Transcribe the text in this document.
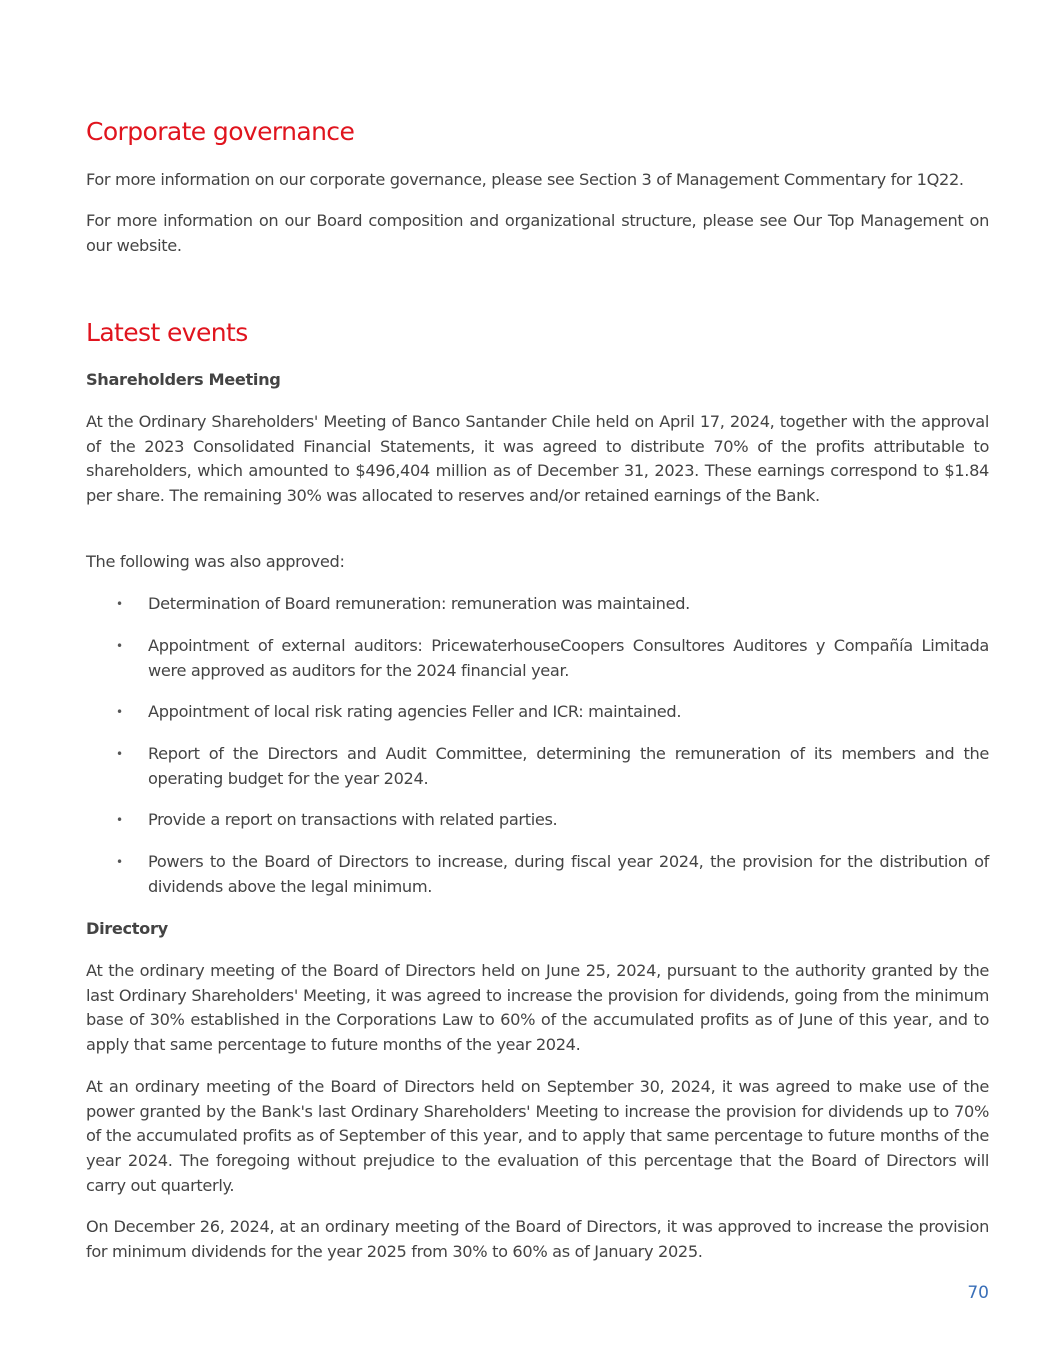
Corporate governance

For more information on our corporate governance, please see Section 3 of Management Commentary for 1Q22.

For more information on our Board composition and organizational structure, please see Our Top Management on our website.

Latest events
Shareholders Meeting

At the Ordinary Shareholders' Meeting of Banco Santander Chile held on April 17, 2024, together with the approval of the 2023 Consolidated Financial Statements, it was agreed to distribute 70% of the profits attributable to shareholders, which amounted to $496,404 million as of December 31, 2023. These earnings correspond to $1.84 per share. The remaining 30% was allocated to reserves and/or retained earnings of the Bank.

The following was also approved:

• Determination of Board remuneration: remuneration was maintained.
• Appointment of external auditors: PricewaterhouseCoopers Consultores Auditores y Compañía Limitada were approved as auditors for the 2024 financial year.
• Appointment of local risk rating agencies Feller and ICR: maintained.
• Report of the Directors and Audit Committee, determining the remuneration of its members and the operating budget for the year 2024.
• Provide a report on transactions with related parties.
• Powers to the Board of Directors to increase, during fiscal year 2024, the provision for the distribution of dividends above the legal minimum.
Directory

At the ordinary meeting of the Board of Directors held on June 25, 2024, pursuant to the authority granted by the last Ordinary Shareholders' Meeting, it was agreed to increase the provision for dividends, going from the minimum base of 30% established in the Corporations Law to 60% of the accumulated profits as of June of this year, and to apply that same percentage to future months of the year 2024.

At an ordinary meeting of the Board of Directors held on September 30, 2024, it was agreed to make use of the power granted by the Bank's last Ordinary Shareholders' Meeting to increase the provision for dividends up to 70% of the accumulated profits as of September of this year, and to apply that same percentage to future months of the year 2024. The foregoing without prejudice to the evaluation of this percentage that the Board of Directors will carry out quarterly.

On December 26, 2024, at an ordinary meeting of the Board of Directors, it was approved to increase the provision for minimum dividends for the year 2025 from 30% to 60% as of January 2025.

70
